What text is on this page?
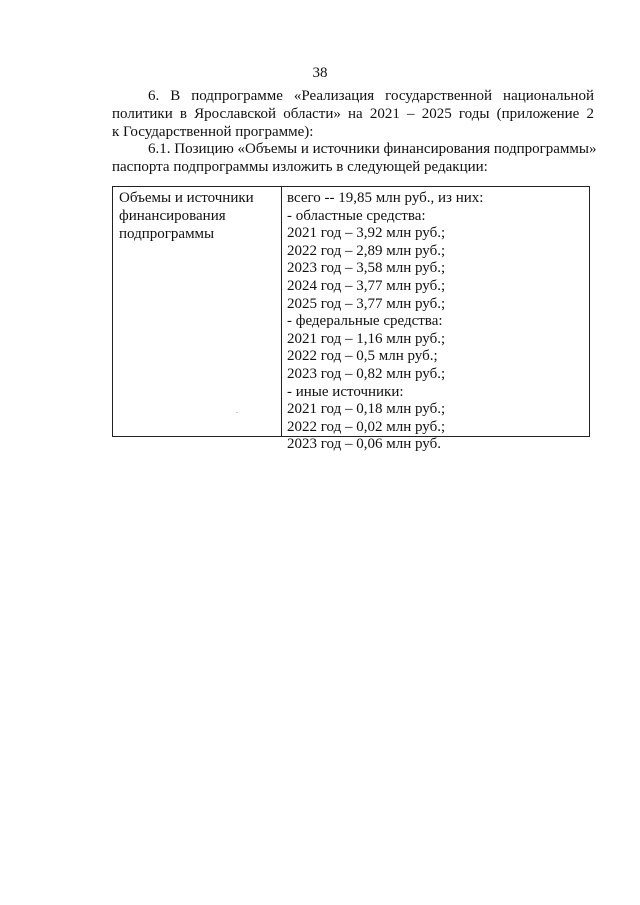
38
6. В подпрограмме «Реализация государственной национальной
политики в Ярославской области» на 2021 – 2025 годы (приложение 2
к Государственной программе):
6.1. Позицию «Объемы и источники финансирования подпрограммы»
паспорта подпрограммы изложить в следующей редакции:
Объемы и источники
финансирования
подпрограммы
всего -- 19,85 млн руб., из них:
- областные средства:
2021 год – 3,92 млн руб.;
2022 год – 2,89 млн руб.;
2023 год – 3,58 млн руб.;
2024 год – 3,77 млн руб.;
2025 год – 3,77 млн руб.;
- федеральные средства:
2021 год – 1,16 млн руб.;
2022 год – 0,5 млн руб.;
2023 год – 0,82 млн руб.;
- иные источники:
2021 год – 0,18 млн руб.;
2022 год – 0,02 млн руб.;
2023 год – 0,06 млн руб.
